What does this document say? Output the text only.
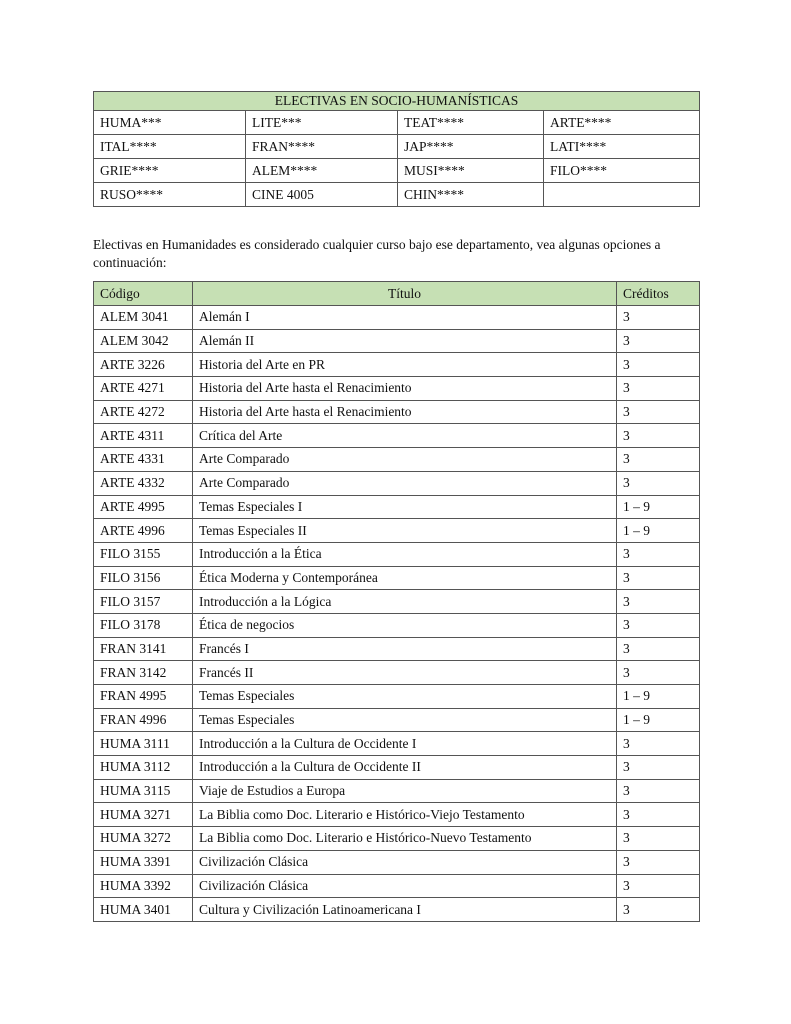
ELECTIVAS EN SOCIO-HUMANÍSTICAS			
HUMA***	LITE***	TEAT****	ARTE****
ITAL****	FRAN****	JAP****	LATI****
GRIE****	ALEM****	MUSI****	FILO****
RUSO****	CINE 4005	CHIN****	

Electivas en Humanidades es considerado cualquier curso bajo ese departamento, vea algunas opciones a continuación:

Código	Título	Créditos
ALEM 3041	Alemán I	3
ALEM 3042	Alemán II	3
ARTE 3226	Historia del Arte en PR	3
ARTE 4271	Historia del Arte hasta el Renacimiento	3
ARTE 4272	Historia del Arte hasta el Renacimiento	3
ARTE 4311	Crítica del Arte	3
ARTE 4331	Arte Comparado	3
ARTE 4332	Arte Comparado	3
ARTE 4995	Temas Especiales I	1 – 9
ARTE 4996	Temas Especiales II	1 – 9
FILO 3155	Introducción a la Ética	3
FILO 3156	Ética Moderna y Contemporánea	3
FILO 3157	Introducción a la Lógica	3
FILO 3178	Ética de negocios	3
FRAN 3141	Francés I	3
FRAN 3142	Francés II	3
FRAN 4995	Temas Especiales	1 – 9
FRAN 4996	Temas Especiales	1 – 9
HUMA 3111	Introducción a la Cultura de Occidente I	3
HUMA 3112	Introducción a la Cultura de Occidente II	3
HUMA 3115	Viaje de Estudios a Europa	3
HUMA 3271	La Biblia como Doc. Literario e Histórico-Viejo Testamento	3
HUMA 3272	La Biblia como Doc. Literario e Histórico-Nuevo Testamento	3
HUMA 3391	Civilización Clásica	3
HUMA 3392	Civilización Clásica	3
HUMA 3401	Cultura y Civilización Latinoamericana I	3
